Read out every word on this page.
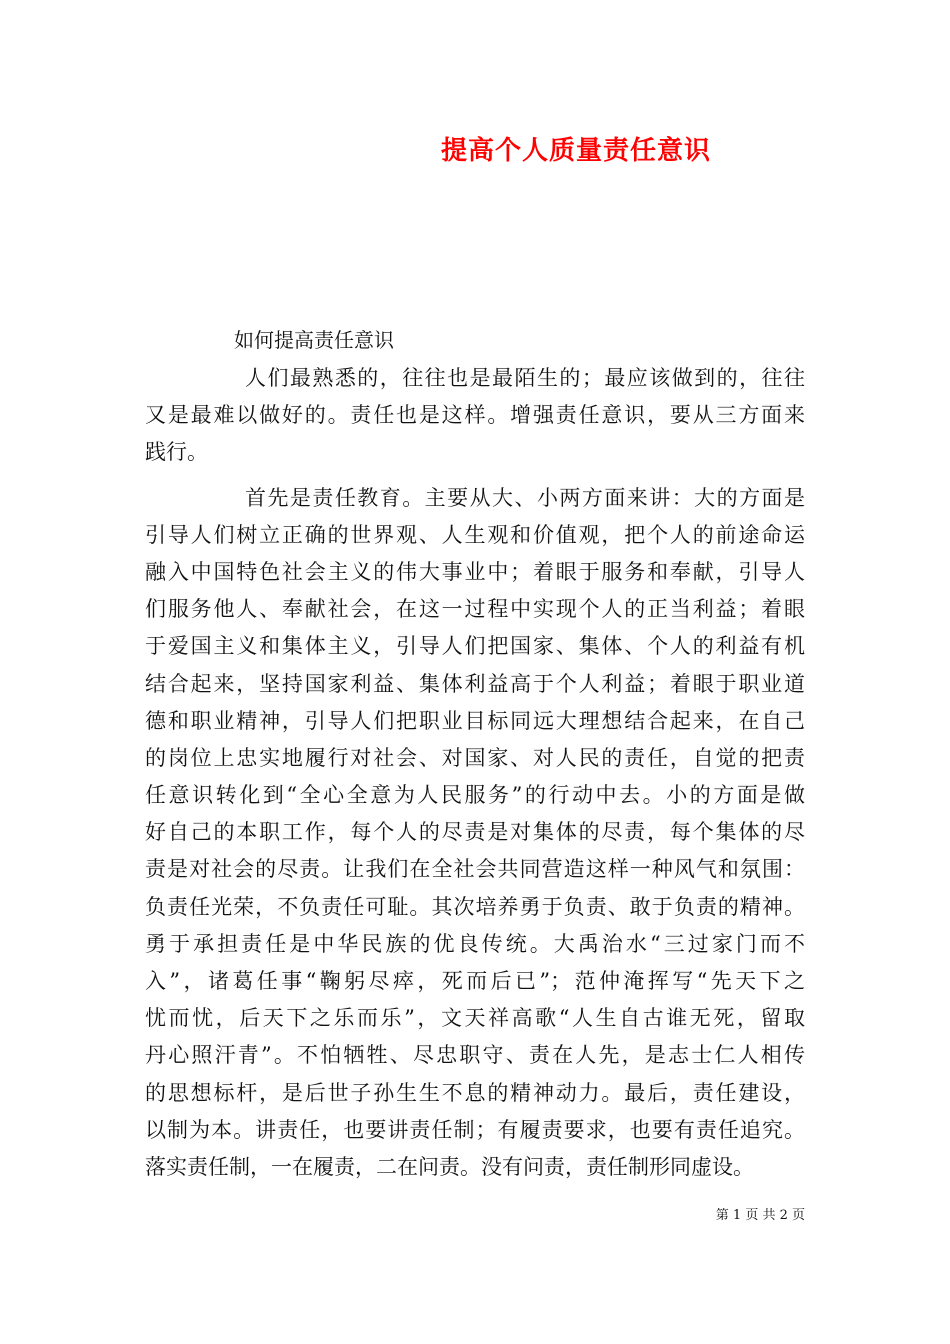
提高个人质量责任意识
如何提高责任意识
人们最熟悉的，往往也是最陌生的；最应该做到的，往往
又是最难以做好的。责任也是这样。增强责任意识，要从三方面来
践行。
首先是责任教育。主要从大、小两方面来讲：大的方面是
引导人们树立正确的世界观、人生观和价值观，把个人的前途命运
融入中国特色社会主义的伟大事业中；着眼于服务和奉献，引导人
们服务他人、奉献社会，在这一过程中实现个人的正当利益；着眼
于爱国主义和集体主义，引导人们把国家、集体、个人的利益有机
结合起来，坚持国家利益、集体利益高于个人利益；着眼于职业道
德和职业精神，引导人们把职业目标同远大理想结合起来，在自己
的岗位上忠实地履行对社会、对国家、对人民的责任，自觉的把责
任意识转化到“全心全意为人民服务”的行动中去。小的方面是做
好自己的本职工作，每个人的尽责是对集体的尽责，每个集体的尽
责是对社会的尽责。让我们在全社会共同营造这样一种风气和氛围：
负责任光荣，不负责任可耻。其次培养勇于负责、敢于负责的精神。
勇于承担责任是中华民族的优良传统。大禹治水“三过家门而不
入”，诸葛任事“鞠躬尽瘁，死而后已”；范仲淹挥写“先天下之
忧而忧，后天下之乐而乐”，文天祥高歌“人生自古谁无死，留取
丹心照汗青”。不怕牺牲、尽忠职守、责在人先，是志士仁人相传
的思想标杆，是后世子孙生生不息的精神动力。最后，责任建设，
以制为本。讲责任，也要讲责任制；有履责要求，也要有责任追究。
落实责任制，一在履责，二在问责。没有问责，责任制形同虚设。
第 1 页 共 2 页
